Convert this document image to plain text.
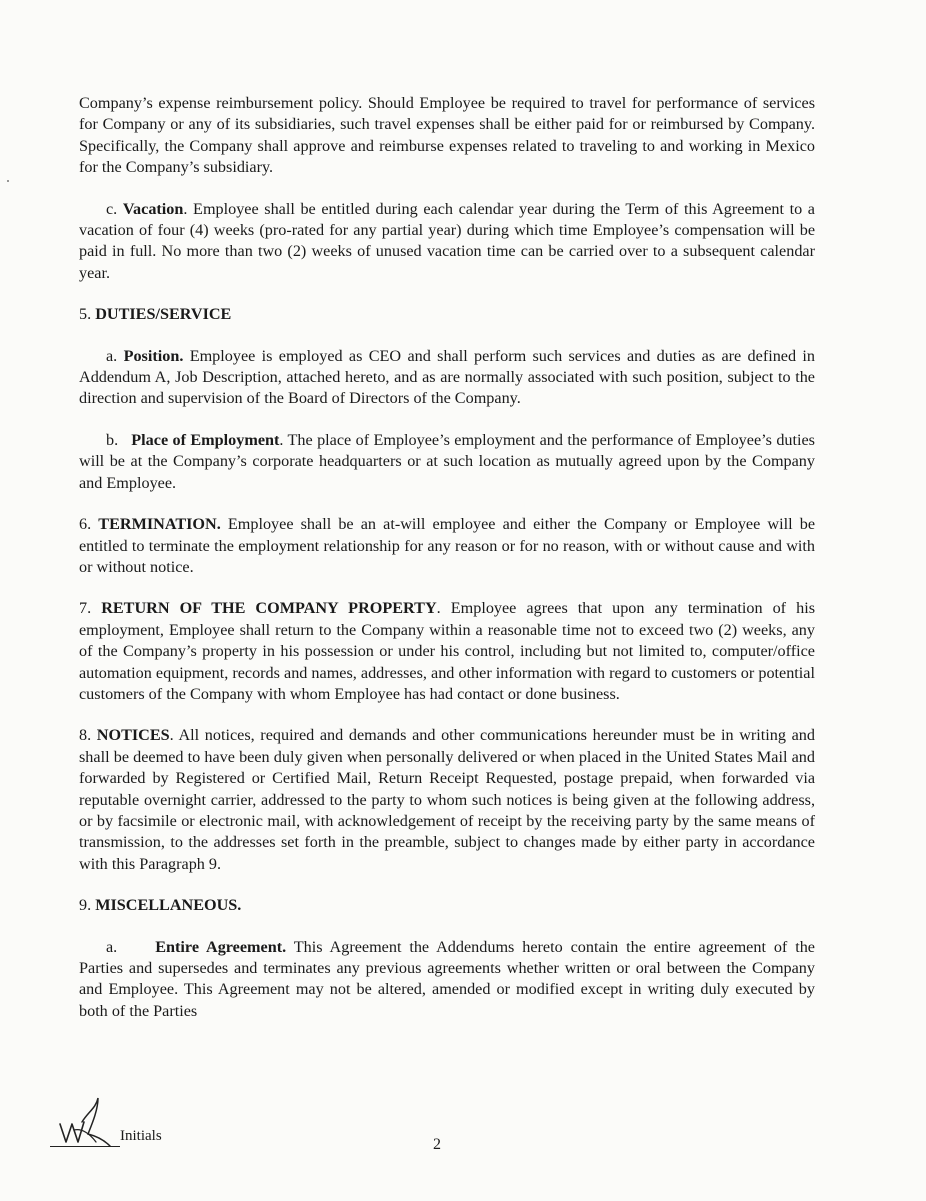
Company’s expense reimbursement policy. Should Employee be required to travel for performance of services for Company or any of its subsidiaries, such travel expenses shall be either paid for or reimbursed by Company. Specifically, the Company shall approve and reimburse expenses related to traveling to and working in Mexico for the Company’s subsidiary.

c. Vacation. Employee shall be entitled during each calendar year during the Term of this Agreement to a vacation of four (4) weeks (pro-rated for any partial year) during which time Employee’s compensation will be paid in full. No more than two (2) weeks of unused vacation time can be carried over to a subsequent calendar year.

5. DUTIES/SERVICE

a. Position. Employee is employed as CEO and shall perform such services and duties as are defined in Addendum A, Job Description, attached hereto, and as are normally associated with such position, subject to the direction and supervision of the Board of Directors of the Company.

b. Place of Employment. The place of Employee’s employment and the performance of Employee’s duties will be at the Company’s corporate headquarters or at such location as mutually agreed upon by the Company and Employee.

6. TERMINATION. Employee shall be an at-will employee and either the Company or Employee will be entitled to terminate the employment relationship for any reason or for no reason, with or without cause and with or without notice.

7. RETURN OF THE COMPANY PROPERTY. Employee agrees that upon any termination of his employment, Employee shall return to the Company within a reasonable time not to exceed two (2) weeks, any of the Company’s property in his possession or under his control, including but not limited to, computer/office automation equipment, records and names, addresses, and other information with regard to customers or potential customers of the Company with whom Employee has had contact or done business.

8. NOTICES. All notices, required and demands and other communications hereunder must be in writing and shall be deemed to have been duly given when personally delivered or when placed in the United States Mail and forwarded by Registered or Certified Mail, Return Receipt Requested, postage prepaid, when forwarded via reputable overnight carrier, addressed to the party to whom such notices is being given at the following address, or by facsimile or electronic mail, with acknowledgement of receipt by the receiving party by the same means of transmission, to the addresses set forth in the preamble, subject to changes made by either party in accordance with this Paragraph 9.

9. MISCELLANEOUS.

a. Entire Agreement. This Agreement the Addendums hereto contain the entire agreement of the Parties and supersedes and terminates any previous agreements whether written or oral between the Company and Employee. This Agreement may not be altered, amended or modified except in writing duly executed by both of the Parties

Initials	2
